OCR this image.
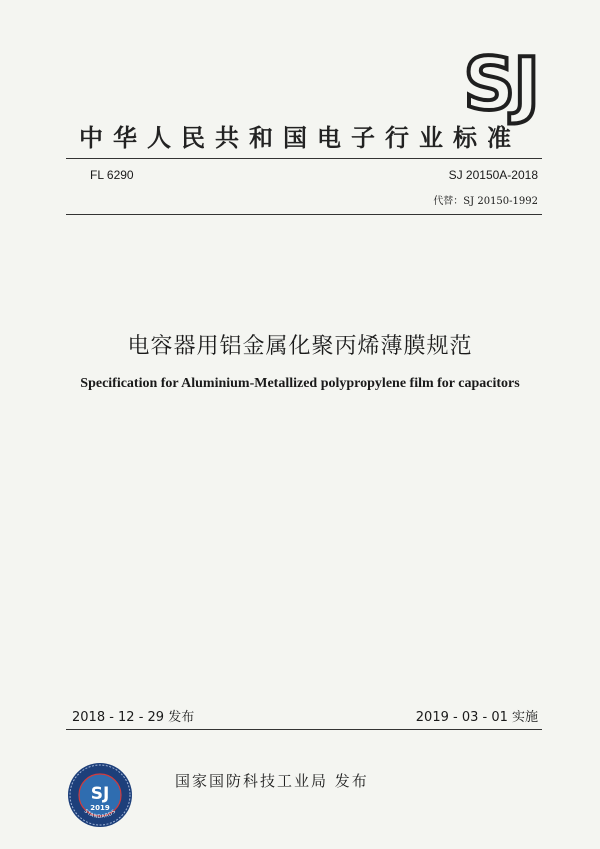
SJ
中华人民共和国电子行业标准
FL 6290	SJ 20150A-2018
代替：SJ 20150-1992
电容器用铝金属化聚丙烯薄膜规范
Specification for Aluminium-Metallized polypropylene film for capacitors
2018 - 12 - 29 发布	2019 - 03 - 01 实施
SJ
2019
STANDARDS
国家国防科技工业局 发布
